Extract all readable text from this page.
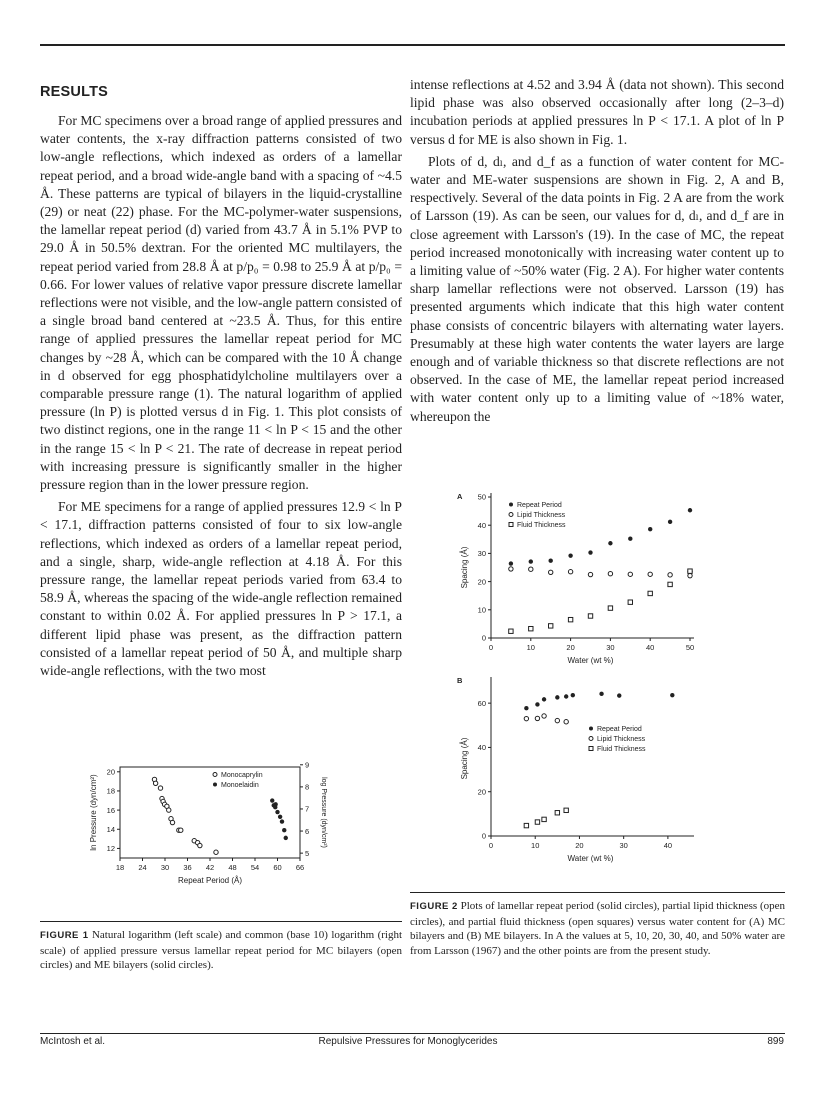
RESULTS

For MC specimens over a broad range of applied pressures and water contents, the x-ray diffraction patterns consisted of two low-angle reflections, which indexed as orders of a lamellar repeat period, and a broad wide-angle band with a spacing of ~4.5 Å. These patterns are typical of bilayers in the liquid-crystalline (29) or neat (22) phase. For the MC-polymer-water suspensions, the lamellar repeat period (d) varied from 43.7 Å in 5.1% PVP to 29.0 Å in 50.5% dextran. For the oriented MC multilayers, the repeat period varied from 28.8 Å at p/p₀ = 0.98 to 25.9 Å at p/p₀ = 0.66. For lower values of relative vapor pressure discrete lamellar reflections were not visible, and the low-angle pattern consisted of a single broad band centered at ~23.5 Å. Thus, for this entire range of applied pressures the lamellar repeat period for MC changes by ~28 Å, which can be compared with the 10 Å change in d observed for egg phosphatidylcholine multilayers over a comparable pressure range (1). The natural logarithm of applied pressure (ln P) is plotted versus d in Fig. 1. This plot consists of two distinct regions, one in the range 11 < ln P < 15 and the other in the range 15 < ln P < 21. The rate of decrease in repeat period with increasing pressure is significantly smaller in the higher pressure region than in the lower pressure region.

For ME specimens for a range of applied pressures 12.9 < ln P < 17.1, diffraction patterns consisted of four to six low-angle reflections, which indexed as orders of a lamellar repeat period, and a single, sharp, wide-angle reflection at 4.18 Å. For this pressure range, the lamellar repeat periods varied from 63.4 to 58.9 Å, whereas the spacing of the wide-angle reflection remained constant to within 0.02 Å. For applied pressures ln P > 17.1, a different lipid phase was present, as the diffraction pattern consisted of a lamellar repeat period of 50 Å, and multiple sharp wide-angle reflections, with the two most

intense reflections at 4.52 and 3.94 Å (data not shown). This second lipid phase was also observed occasionally after long (2–3–d) incubation periods at applied pressures ln P < 17.1. A plot of ln P versus d for ME is also shown in Fig. 1.

Plots of d, dₗ, and d_f as a function of water content for MC-water and ME-water suspensions are shown in Fig. 2, A and B, respectively. Several of the data points in Fig. 2 A are from the work of Larsson (19). As can be seen, our values for d, dₗ, and d_f are in close agreement with Larsson's (19). In the case of MC, the repeat period increased monotonically with increasing water content up to a limiting value of ~50% water (Fig. 2 A). For higher water contents sharp lamellar reflections were not observed. Larsson (19) has presented arguments which indicate that this high water content phase consists of concentric bilayers with alternating water layers. Presumably at these high water contents the water layers are large enough and of variable thickness so that discrete reflections are not observed. In the case of ME, the lamellar repeat period increased with water content only up to a limiting value of ~18% water, whereupon the

18 24 30 36 42 48 54 60 66
12
14
16
18
20
5
6
7
8
9
log Pressure (dyn/cm²)
Repeat Period (Å)
ln Pressure (dyn/cm²)	Monocaprylin
Monoelaidin
0	10	20	30	40	50
0
10
20
30
40
50
Water (wt %)
Spacing (Å)
A
Repeat Period
Lipid Thickness
Fluid Thickness
0	10	20	30	40
0
20
40
60
Water (wt %)
Spacing (Å)
B
Repeat Period
Lipid Thickness
Fluid Thickness
FIGURE 1 Natural logarithm (left scale) and common (base 10) logarithm (right scale) of applied pressure versus lamellar repeat period for MC bilayers (open circles) and ME bilayers (solid circles).
FIGURE 2 Plots of lamellar repeat period (solid circles), partial lipid thickness (open circles), and partial fluid thickness (open squares) versus water content for (A) MC bilayers and (B) ME bilayers. In A the values at 5, 10, 20, 30, 40, and 50% water are from Larsson (1967) and the other points are from the present study.
McIntosh et al.	Repulsive Pressures for Monoglycerides	899
